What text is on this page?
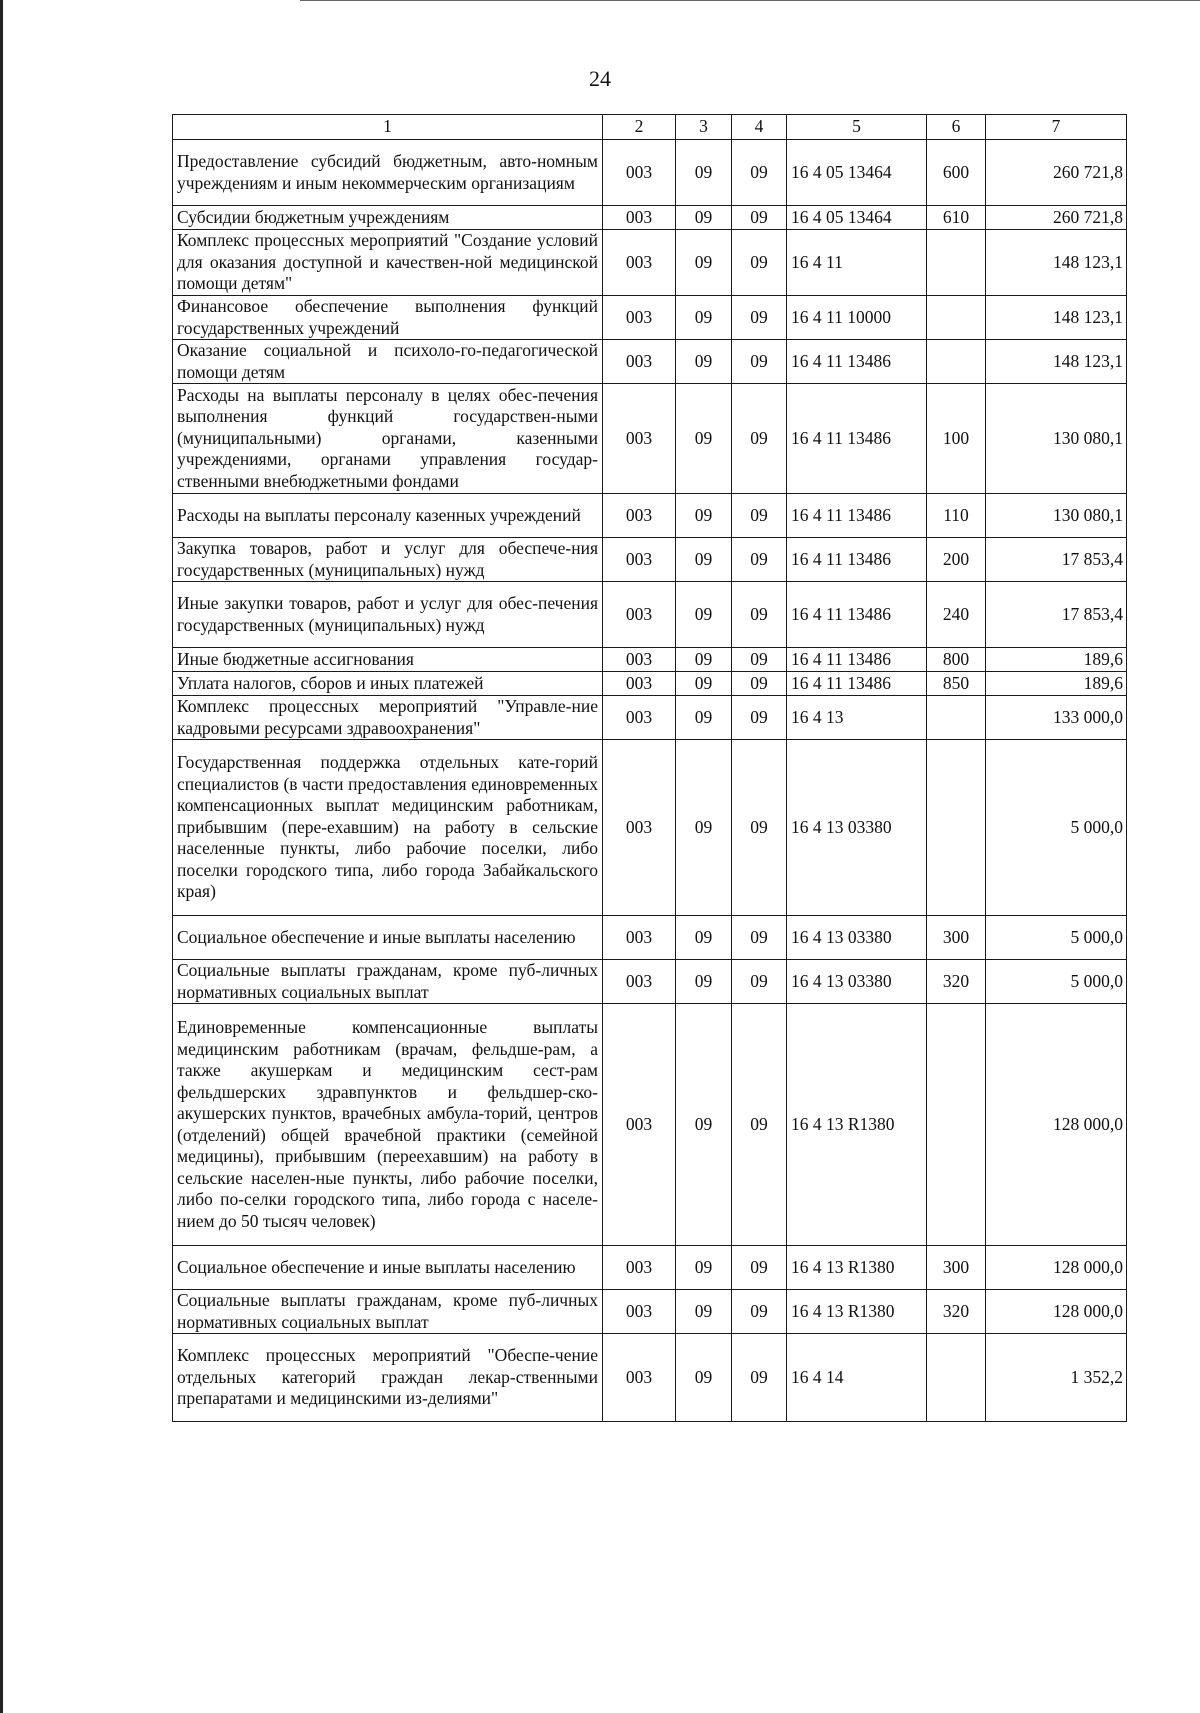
24
1	2	3	4	5	6	7
Предоставление субсидий бюджетным, авто-номным учреждениям и иным некоммерческим организациям	003	09	09	16 4 05 13464	600	260 721,8
Субсидии бюджетным учреждениям	003	09	09	16 4 05 13464	610	260 721,8
Комплекс процессных мероприятий "Создание условий для оказания доступной и качествен-ной медицинской помощи детям"	003	09	09	16 4 11		148 123,1
Финансовое обеспечение выполнения функций государственных учреждений	003	09	09	16 4 11 10000		148 123,1
Оказание социальной и психоло-го-педагогической помощи детям	003	09	09	16 4 11 13486		148 123,1
Расходы на выплаты персоналу в целях обес-печения выполнения функций государствен-ными (муниципальными) органами, казенными учреждениями, органами управления государ-ственными внебюджетными фондами	003	09	09	16 4 11 13486	100	130 080,1
Расходы на выплаты персоналу казенных учреждений	003	09	09	16 4 11 13486	110	130 080,1
Закупка товаров, работ и услуг для обеспече-ния государственных (муниципальных) нужд	003	09	09	16 4 11 13486	200	17 853,4
Иные закупки товаров, работ и услуг для обес-печения государственных (муниципальных) нужд	003	09	09	16 4 11 13486	240	17 853,4
Иные бюджетные ассигнования	003	09	09	16 4 11 13486	800	189,6
Уплата налогов, сборов и иных платежей	003	09	09	16 4 11 13486	850	189,6
Комплекс процессных мероприятий "Управле-ние кадровыми ресурсами здравоохранения"	003	09	09	16 4 13		133 000,0
Государственная поддержка отдельных кате-горий специалистов (в части предоставления единовременных компенсационных выплат медицинским работникам, прибывшим (пере-ехавшим) на работу в сельские населенные пункты, либо рабочие поселки, либо поселки городского типа, либо города Забайкальского края)	003	09	09	16 4 13 03380		5 000,0
Социальное обеспечение и иные выплаты населению	003	09	09	16 4 13 03380	300	5 000,0
Социальные выплаты гражданам, кроме пуб-личных нормативных социальных выплат	003	09	09	16 4 13 03380	320	5 000,0
Единовременные компенсационные выплаты медицинским работникам (врачам, фельдше-рам, а также акушеркам и медицинским сест-рам фельдшерских здравпунктов и фельдшер-ско-акушерских пунктов, врачебных амбула-торий, центров (отделений) общей врачебной практики (семейной медицины), прибывшим (переехавшим) на работу в сельские населен-ные пункты, либо рабочие поселки, либо по-селки городского типа, либо города с населе-нием до 50 тысяч человек)	003	09	09	16 4 13 R1380		128 000,0
Социальное обеспечение и иные выплаты населению	003	09	09	16 4 13 R1380	300	128 000,0
Социальные выплаты гражданам, кроме пуб-личных нормативных социальных выплат	003	09	09	16 4 13 R1380	320	128 000,0
Комплекс процессных мероприятий "Обеспе-чение отдельных категорий граждан лекар-ственными препаратами и медицинскими из-делиями"	003	09	09	16 4 14		1 352,2
